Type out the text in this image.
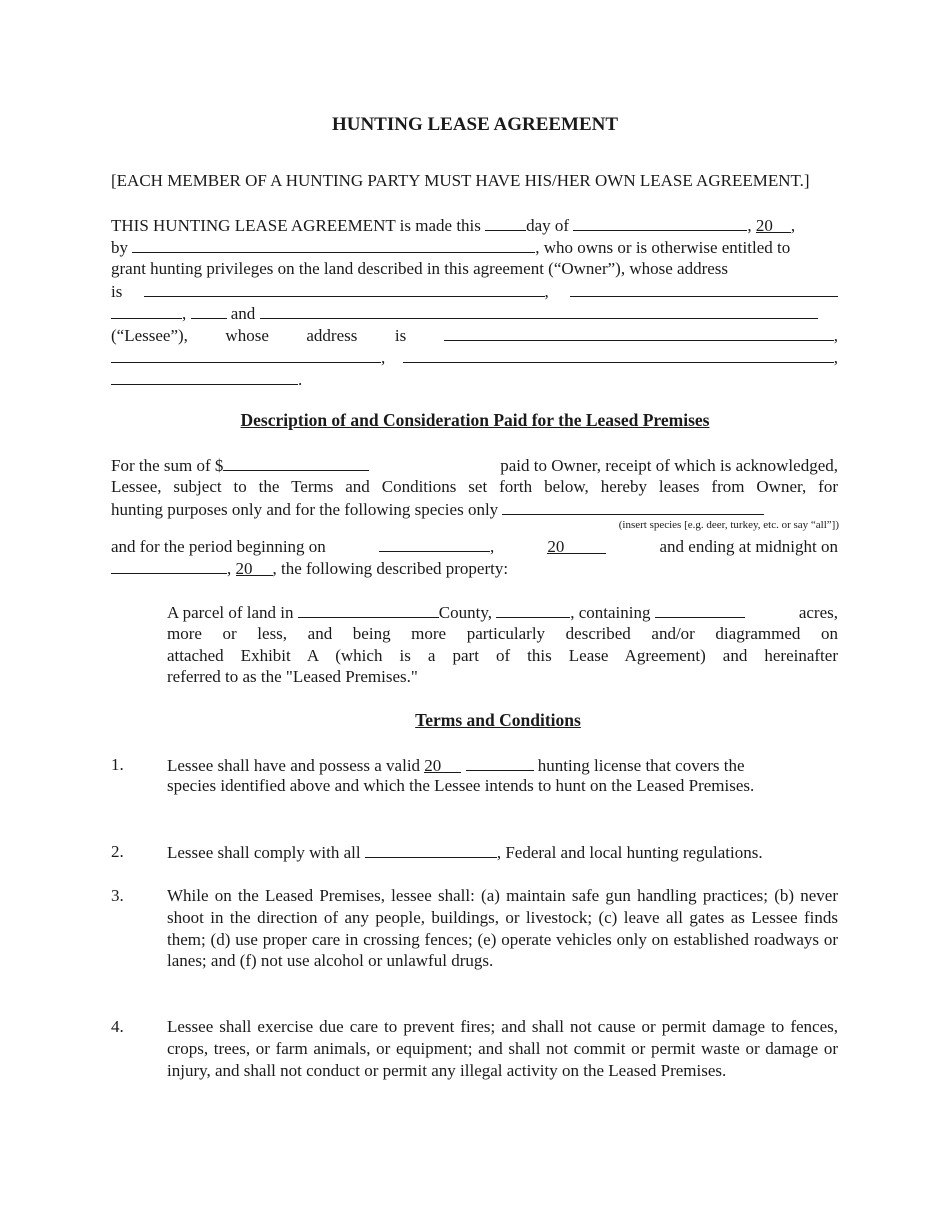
HUNTING LEASE AGREEMENT
[EACH MEMBER OF A HUNTING PARTY MUST HAVE HIS/HER OWN LEASE AGREEMENT.]
THIS HUNTING LEASE AGREEMENT is made this	day of	, 20 ,
by	, who owns or is otherwise entitled to
grant hunting privileges on the land described in this agreement (“Owner”), whose address
is	,
,  and
(“Lessee”), whose address is	,
,	,
.
Description of and Consideration Paid for the Leased Premises
For the sum of $	paid to Owner, receipt of which is acknowledged,
Lessee, subject to the Terms and Conditions set forth below, hereby leases from Owner, for
hunting purposes only and for the following species only
(insert species [e.g. deer, turkey, etc. or say “all”])
and for the period beginning on	,	20	and ending at midnight on
, 20 , the following described property:
A parcel of land in	County,	, containing	acres,
more or less, and being more particularly described and/or diagrammed on
attached Exhibit A (which is a part of this Lease Agreement) and hereinafter
referred to as the "Leased Premises."
Terms and Conditions
1.	Lessee shall have and possess a valid 20	hunting license that covers the
species identified above and which the Lessee intends to hunt on the Leased Premises.
2.	Lessee shall comply with all	, Federal and local hunting regulations.
3.	While on the Leased Premises, lessee shall: (a) maintain safe gun handling practices; (b) never shoot in the direction of any people, buildings, or livestock; (c) leave all gates as Lessee finds them; (d) use proper care in crossing fences; (e) operate vehicles only on established roadways or lanes; and (f) not use alcohol or unlawful drugs.
4.	Lessee shall exercise due care to prevent fires; and shall not cause or permit damage to fences, crops, trees, or farm animals, or equipment; and shall not commit or permit waste or damage or injury, and shall not conduct or permit any illegal activity on the Leased Premises.
